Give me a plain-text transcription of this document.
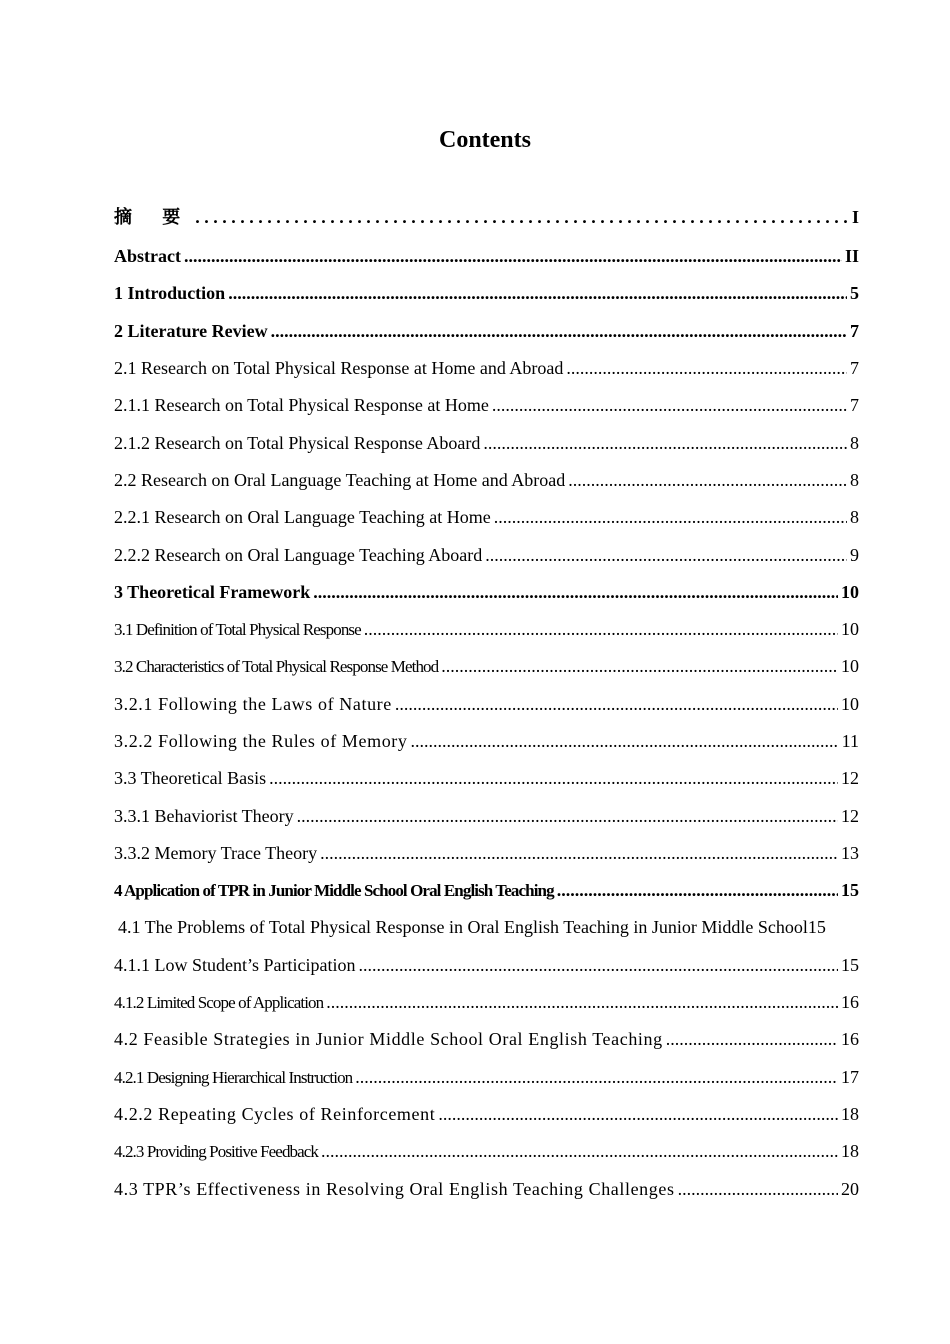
Contents
摘 要 . . .	I
Abstract .....	II
1 Introduction .....	5
2 Literature Review .....	7
2.1 Research on Total Physical Response at Home and Abroad .....	7
2.1.1 Research on Total Physical Response at Home .....	7
2.1.2 Research on Total Physical Response Aboard .....	8
2.2 Research on Oral Language Teaching at Home and Abroad .....	8
2.2.1 Research on Oral Language Teaching at Home .....	8
2.2.2 Research on Oral Language Teaching Aboard .....	9
3 Theoretical Framework .....	10
3.1 Definition of Total Physical Response .....	10
3.2 Characteristics of Total Physical Response Method .....	10
3.2.1 Following the Laws of Nature .....	10
3.2.2 Following the Rules of Memory .....	11
3.3 Theoretical Basis .....	12
3.3.1 Behaviorist Theory .....	12
3.3.2 Memory Trace Theory .....	13
4 Application of TPR in Junior Middle School Oral English Teaching .....	15
4.1 The Problems of Total Physical Response in Oral English Teaching in Junior Middle School 15
4.1.1 Low Student’s Participation .....	15
4.1.2 Limited Scope of Application .....	16
4.2 Feasible Strategies in Junior Middle School Oral English Teaching .....	16
4.2.1 Designing Hierarchical Instruction .....	17
4.2.2 Repeating Cycles of Reinforcement .....	18
4.2.3 Providing Positive Feedback .....	18
4.3 TPR’s Effectiveness in Resolving Oral English Teaching Challenges .....	20
